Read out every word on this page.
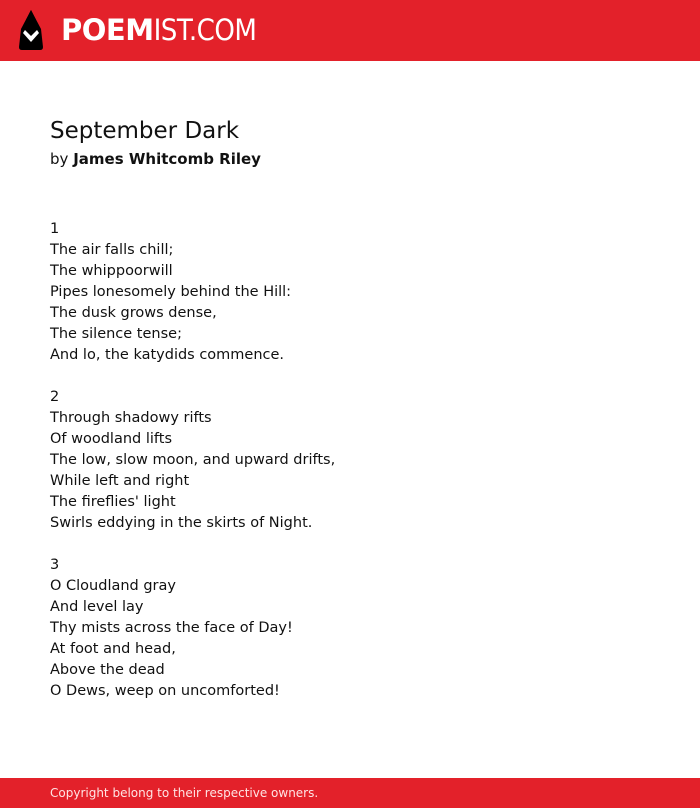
POEMIST.COM
September Dark
by James Whitcomb Riley
1
The air falls chill;
The whippoorwill
Pipes lonesomely behind the Hill:
The dusk grows dense,
The silence tense;
And lo, the katydids commence.
2
Through shadowy rifts
Of woodland lifts
The low, slow moon, and upward drifts,
While left and right
The fireflies' light
Swirls eddying in the skirts of Night.
3
O Cloudland gray
And level lay
Thy mists across the face of Day!
At foot and head,
Above the dead
O Dews, weep on uncomforted!
Copyright belong to their respective owners.
